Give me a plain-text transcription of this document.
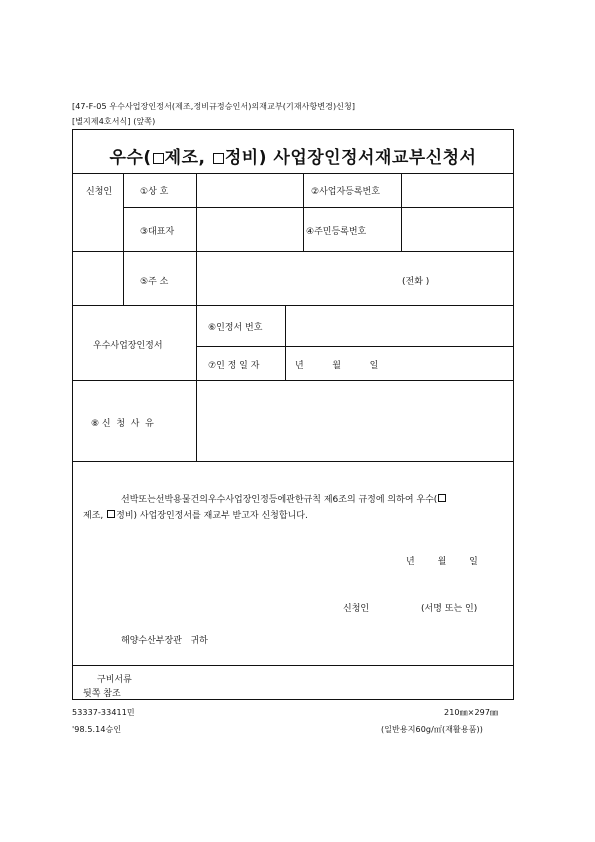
[47-F-05 우수사업장인정서(제조,정비규정승인서)의재교부(기재사항변경)신청]
[별지제4호서식] (앞쪽)
우수( 제조, 정비) 사업장인정서재교부신청서
신청인	①상 호	②사업자등록번호
③대표자	④주민등록번호
⑤주 소	(전화 )
우수사업장인정서
⑥인정서 번호
⑦인 정 일 자	년          월          일
⑧ 신  청  사  유
선박또는선박용물건의우수사업장인정등에관한규칙 제6조의 규정에 의하여 우수(
제조, 정비) 사업장인정서를 재교부 받고자 신청합니다.
년        월        일
신청인	(서명 또는 인)
해양수산부장관   귀하
구비서류
뒷쪽 참조
53337-33411민	210㎜×297㎜
'98.5.14승인	(일반용지60g/㎡(재활용품))
